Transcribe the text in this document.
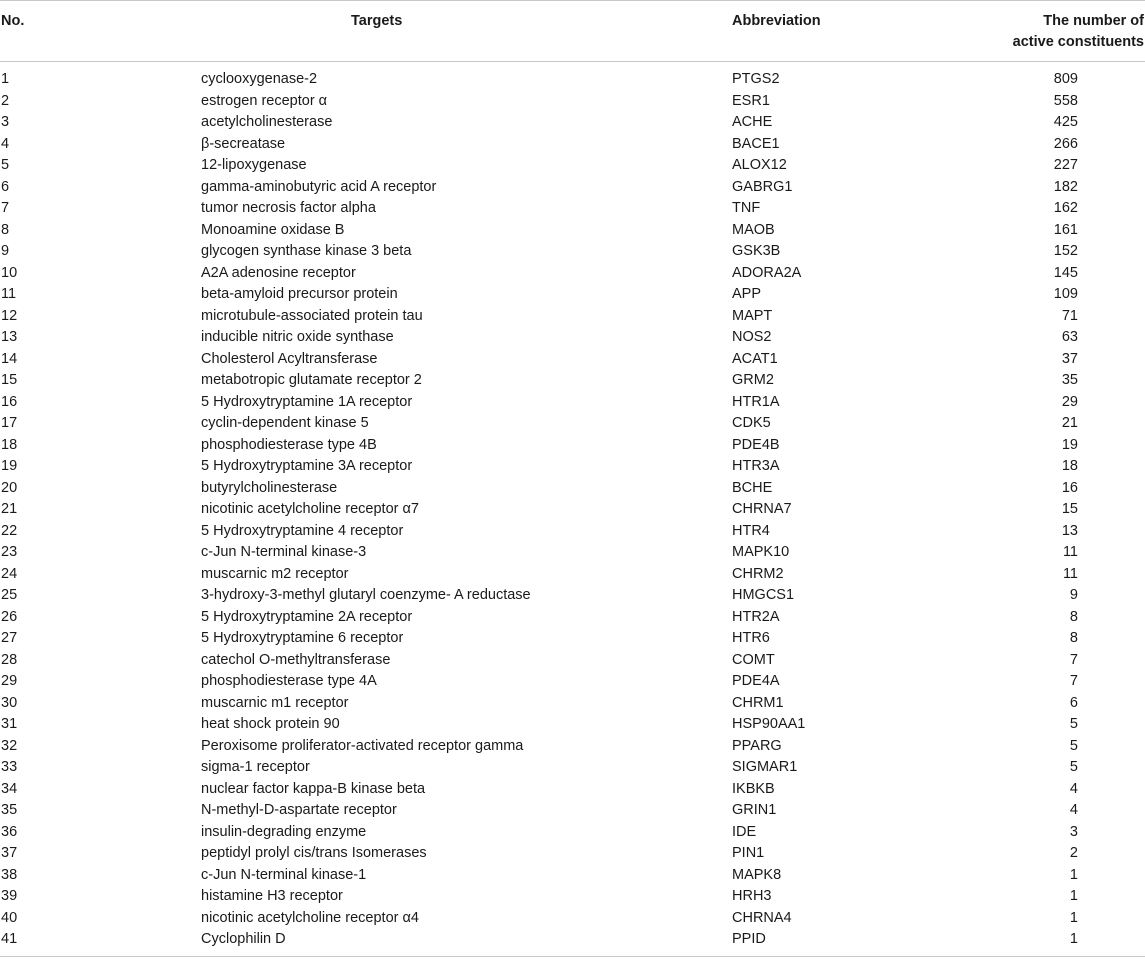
No.	Targets	Abbreviation	The number of
active constituents
1	cyclooxygenase-2	PTGS2	809
2	estrogen receptor α	ESR1	558
3	acetylcholinesterase	ACHE	425
4	β-secreatase	BACE1	266
5	12-lipoxygenase	ALOX12	227
6	gamma-aminobutyric acid A receptor	GABRG1	182
7	tumor necrosis factor alpha	TNF	162
8	Monoamine oxidase B	MAOB	161
9	glycogen synthase kinase 3 beta	GSK3B	152
10	A2A adenosine receptor	ADORA2A	145
11	beta-amyloid precursor protein	APP	109
12	microtubule-associated protein tau	MAPT	71
13	inducible nitric oxide synthase	NOS2	63
14	Cholesterol Acyltransferase	ACAT1	37
15	metabotropic glutamate receptor 2	GRM2	35
16	5 Hydroxytryptamine 1A receptor	HTR1A	29
17	cyclin-dependent kinase 5	CDK5	21
18	phosphodiesterase type 4B	PDE4B	19
19	5 Hydroxytryptamine 3A receptor	HTR3A	18
20	butyrylcholinesterase	BCHE	16
21	nicotinic acetylcholine receptor α7	CHRNA7	15
22	5 Hydroxytryptamine 4 receptor	HTR4	13
23	c-Jun N-terminal kinase-3	MAPK10	11
24	muscarnic m2 receptor	CHRM2	11
25	3-hydroxy-3-methyl glutaryl coenzyme- A reductase	HMGCS1	9
26	5 Hydroxytryptamine 2A receptor	HTR2A	8
27	5 Hydroxytryptamine 6 receptor	HTR6	8
28	catechol O-methyltransferase	COMT	7
29	phosphodiesterase type 4A	PDE4A	7
30	muscarnic m1 receptor	CHRM1	6
31	heat shock protein 90	HSP90AA1	5
32	Peroxisome proliferator-activated receptor gamma	PPARG	5
33	sigma-1 receptor	SIGMAR1	5
34	nuclear factor kappa-B kinase beta	IKBKB	4
35	N-methyl-D-aspartate receptor	GRIN1	4
36	insulin-degrading enzyme	IDE	3
37	peptidyl prolyl cis/trans Isomerases	PIN1	2
38	c-Jun N-terminal kinase-1	MAPK8	1
39	histamine H3 receptor	HRH3	1
40	nicotinic acetylcholine receptor α4	CHRNA4	1
41	Cyclophilin D	PPID	1
